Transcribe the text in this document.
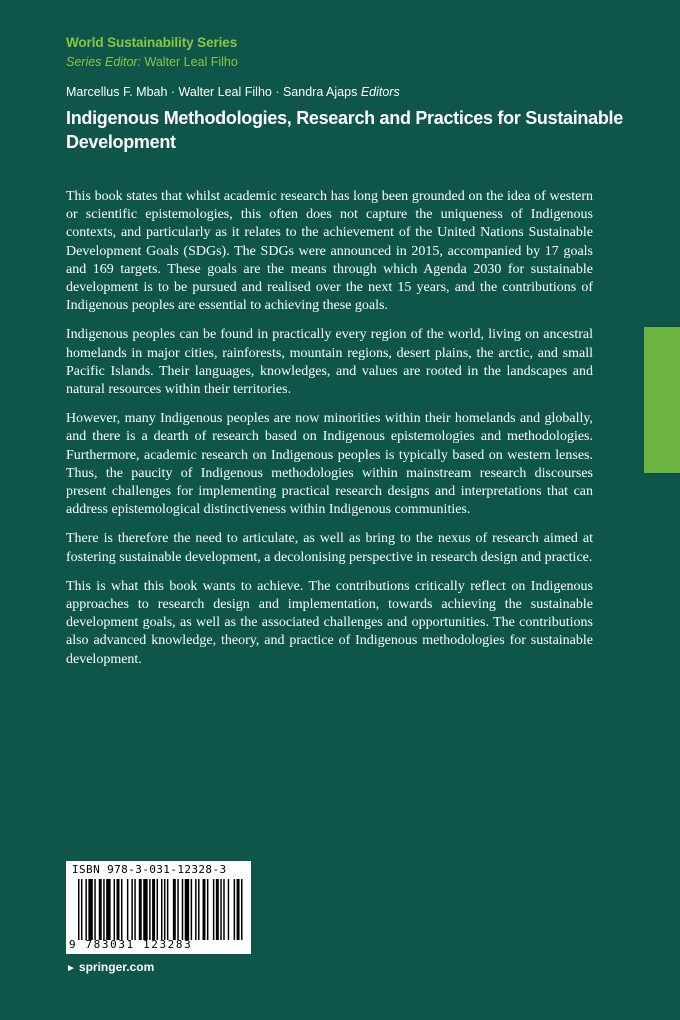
World Sustainability Series
Series Editor: Walter Leal Filho
Marcellus F. Mbah · Walter Leal Filho · Sandra Ajaps Editors
Indigenous Methodologies, Research and Practices for Sustainable Development

This book states that whilst academic research has long been grounded on the idea of western or scientific epistemologies, this often does not capture the uniqueness of Indigenous contexts, and particularly as it relates to the achievement of the United Nations Sustainable Development Goals (SDGs). The SDGs were announced in 2015, accompanied by 17 goals and 169 targets. These goals are the means through which Agenda 2030 for sustainable development is to be pursued and realised over the next 15 years, and the contributions of Indigenous peoples are essential to achieving these goals.

Indigenous peoples can be found in practically every region of the world, living on ancestral homelands in major cities, rainforests, mountain regions, desert plains, the arctic, and small Pacific Islands. Their languages, knowledges, and values are rooted in the landscapes and natural resources within their territories.

However, many Indigenous peoples are now minorities within their homelands and globally, and there is a dearth of research based on Indigenous epistemologies and methodologies. Furthermore, academic research on Indigenous peoples is typically based on western lenses. Thus, the paucity of Indigenous methodologies within mainstream research discourses present challenges for implementing practical research designs and interpretations that can address epistemological distinctiveness within Indigenous communities.

There is therefore the need to articulate, as well as bring to the nexus of research aimed at fostering sustainable development, a decolonising perspective in research design and practice.

This is what this book wants to achieve. The contributions critically reflect on Indigenous approaches to research design and implementation, towards achieving the sustainable development goals, as well as the associated challenges and opportunities. The contributions also advanced knowledge, theory, and practice of Indigenous methodologies for sustainable development.

ISBN 978-3-031-12328-3
9 783031 123283
► springer.com
